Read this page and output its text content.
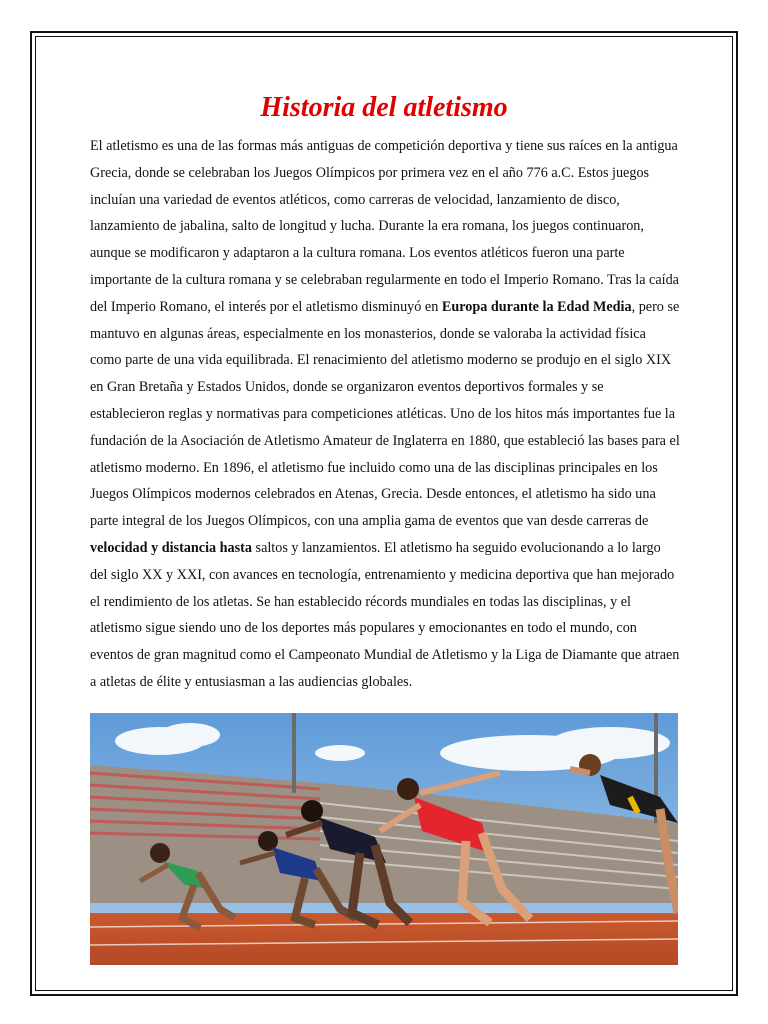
Historia del atletismo

El atletismo es una de las formas más antiguas de competición deportiva y tiene sus raíces en la antigua Grecia, donde se celebraban los Juegos Olímpicos por primera vez en el año 776 a.C. Estos juegos incluían una variedad de eventos atléticos, como carreras de velocidad, lanzamiento de disco, lanzamiento de jabalina, salto de longitud y lucha. Durante la era romana, los juegos continuaron, aunque se modificaron y adaptaron a la cultura romana. Los eventos atléticos fueron una parte importante de la cultura romana y se celebraban regularmente en todo el Imperio Romano. Tras la caída del Imperio Romano, el interés por el atletismo disminuyó en Europa durante la Edad Media, pero se mantuvo en algunas áreas, especialmente en los monasterios, donde se valoraba la actividad física como parte de una vida equilibrada. El renacimiento del atletismo moderno se produjo en el siglo XIX en Gran Bretaña y Estados Unidos, donde se organizaron eventos deportivos formales y se establecieron reglas y normativas para competiciones atléticas. Uno de los hitos más importantes fue la fundación de la Asociación de Atletismo Amateur de Inglaterra en 1880, que estableció las bases para el atletismo moderno. En 1896, el atletismo fue incluido como una de las disciplinas principales en los Juegos Olímpicos modernos celebrados en Atenas, Grecia. Desde entonces, el atletismo ha sido una parte integral de los Juegos Olímpicos, con una amplia gama de eventos que van desde carreras de velocidad y distancia hasta saltos y lanzamientos. El atletismo ha seguido evolucionando a lo largo del siglo XX y XXI, con avances en tecnología, entrenamiento y medicina deportiva que han mejorado el rendimiento de los atletas. Se han establecido récords mundiales en todas las disciplinas, y el atletismo sigue siendo uno de los deportes más populares y emocionantes en todo el mundo, con eventos de gran magnitud como el Campeonato Mundial de Atletismo y la Liga de Diamante que atraen a atletas de élite y entusiasman a las audiencias globales.
